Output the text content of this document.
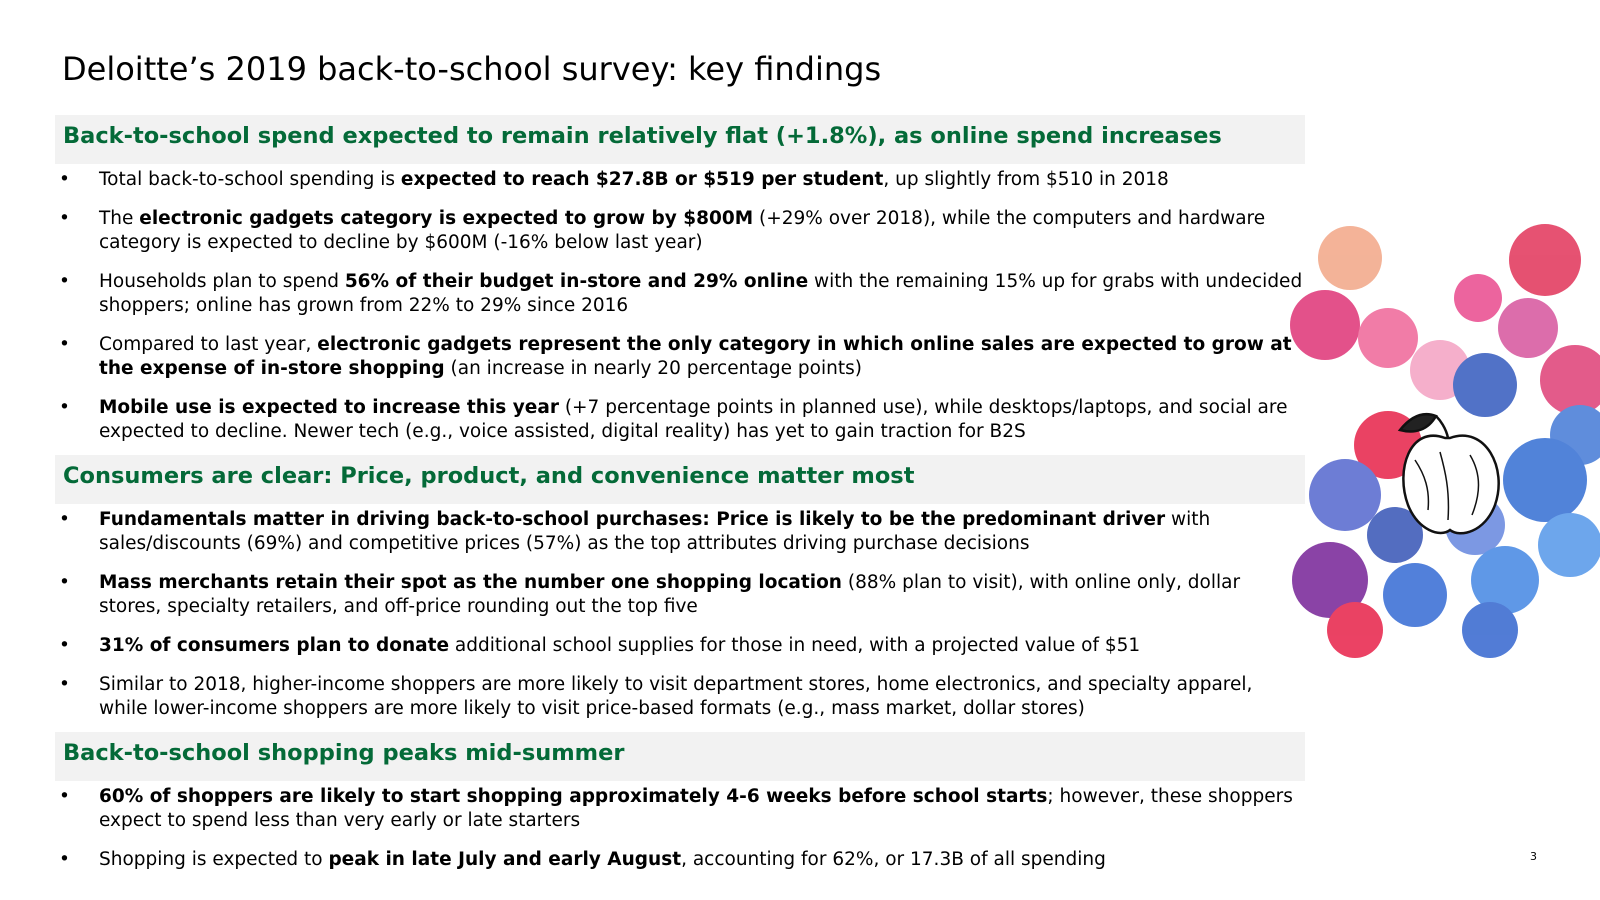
Deloitte’s 2019 back-to-school survey: key findings
Back-to-school spend expected to remain relatively flat (+1.8%), as online spend increases
• Total back-to-school spending is expected to reach $27.8B or $519 per student, up slightly from $510 in 2018
• The electronic gadgets category is expected to grow by $800M (+29% over 2018), while the computers and hardware category is expected to decline by $600M (-16% below last year)
• Households plan to spend 56% of their budget in-store and 29% online with the remaining 15% up for grabs with undecided shoppers; online has grown from 22% to 29% since 2016
• Compared to last year, electronic gadgets represent the only category in which online sales are expected to grow at the expense of in-store shopping (an increase in nearly 20 percentage points)
• Mobile use is expected to increase this year (+7 percentage points in planned use), while desktops/laptops, and social are expected to decline. Newer tech (e.g., voice assisted, digital reality) has yet to gain traction for B2S
Consumers are clear: Price, product, and convenience matter most
• Fundamentals matter in driving back-to-school purchases: Price is likely to be the predominant driver with sales/discounts (69%) and competitive prices (57%) as the top attributes driving purchase decisions
• Mass merchants retain their spot as the number one shopping location (88% plan to visit), with online only, dollar stores, specialty retailers, and off-price rounding out the top five
• 31% of consumers plan to donate additional school supplies for those in need, with a projected value of $51
• Similar to 2018, higher-income shoppers are more likely to visit department stores, home electronics, and specialty apparel, while lower-income shoppers are more likely to visit price-based formats (e.g., mass market, dollar stores)
Back-to-school shopping peaks mid-summer
• 60% of shoppers are likely to start shopping approximately 4-6 weeks before school starts; however, these shoppers expect to spend less than very early or late starters
• Shopping is expected to peak in late July and early August, accounting for 62%, or 17.3B of all spending	3
